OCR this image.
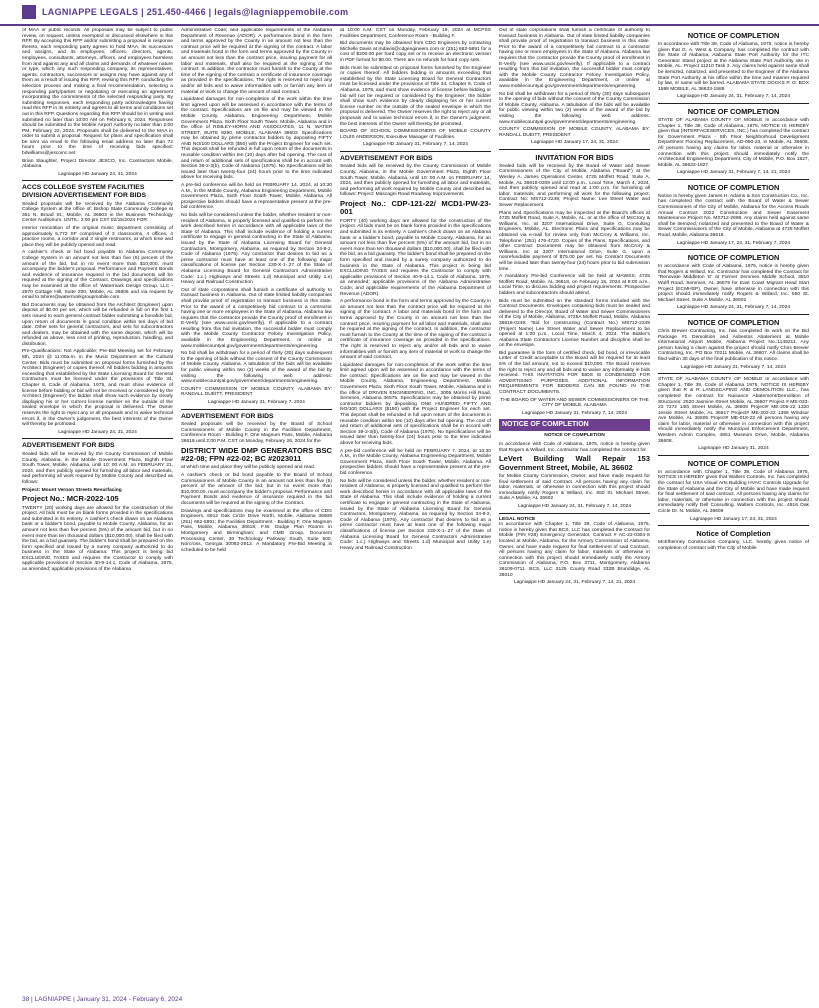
LAGNIAPPE LEGALS | 251.450-4466 | legals@lagniappemobile.com

of MAA or public records. All proposals may be subject to public review, on request, unless exempted or discussed elsewhere in this RFP. By accepting this RFP and/or submitting a proposal in response thereto, each responding party agrees to hold MAA, its successors and assigns, and its employees, officers, directors, agents, employees, consultants, attorneys, officers, and employees harmless from and against any and all claims and demands of whatever nature or type, which any such responding company, its representatives, agents, contractors, successors or assigns may have against any of them as a result of issuing this RFP, revising this RFP, conducting the selection process and making a final recommendation, selecting a responding party/parties or negotiating or executing an agreement incorporating the commitments of the selected responding party. By submitting responses, each responding party acknowledges having read this RFP in its entirety and agrees to all terms and conditions set out in this RFP. Questions regarding this RFP should be in writing and submitted no later than 10:00 AM on February 6, 2024. Responses should be submitted to the Mobile Airport Authority no later than 2:00 PM, February 22, 2024. Proposals shall be delivered to the MAA in order to submit a proposal. Request for plans and specification shall be sent via email to the following email address no later than 72 hours prior to the time of receiving bids specified: bdwilliams@jescoinc.net

Brian Slaughter, Project Director JESCO, Inc. Contractors Mobile, Alabama

Lagniappe HD January 24, 31, 2024

ACCS COLLEGE SYSTEM FACILITIES DIVISION ADVERTISEMENT FOR BIDS

Sealed proposals will be received by the Alabama Community College System at the office of: Bishop State Community College at 351 N. Broad St., Mobile, AL 36603 in the Business Technology Center Auditorium. UNTIL: 2:00 pm CST 02/15/2024 FOR:

Interior renovation of the original music department consisting of approximately 5,772 SF comprised of 3 classrooms, 4 offices, 4 practice rooms, a corridor and 3 single restrooms, at which time and place they will be publicly opened and read.

A cashier's check or bid bond payable to Alabama Community College System in an amount not less than five (5) percent of the amount of the bid, but in no event more than $10,000, must accompany the bidder's proposal. Performance and Payment Bonds and evidence of insurance required in the bid documents will be required at the signing of the Contract. Drawings and specifications may be examined at the office of: Watermark Design Group, LLC - 2970 Cottage Hill, Suite 200, Mobile, AL 36606 and via request by email to tshirer@watermarkgroupmobile.com.

Bid Documents may be obtained from the Architect (Engineer) upon deposit of $0.00 per set, which will be refunded in full on the first 1 sets issued to each general contract bidder submitting a bonafide bid, upon return of documents in good condition within ten days of bid date. Other sets for general contractors, and sets for subcontractors and dealers, may be obtained with the same deposit, which will be refunded as above, less cost of printing, reproduction, handling, and distribution.

Pre-Qualifications: Not Applicable; Pre-Bid Meeting set for February 8th, 2024 @ 11:00a.m. in the Music Department at the Cultural Center. Bids must be submitted on proposal forms furnished by the Architect (Engineer) or copies thereof. All bidders bidding in amounts exceeding that established by the State Licensing Board for General Contractors must be licensed under the provisions of Title 34, Chapter 8, Code of Alabama, 1975, and must show evidence of license before bidding or bid will not be received or considered by the Architect (Engineer); the bidder shall show such evidence by clearly displaying his or her current license number on the outside of the sealed envelope in which the proposal is delivered. The Owner reserves the right to reject any or all proposals and to waive technical errors if, in the Owner's judgement, the best interests of the Owner will thereby be promoted.

Lagniappe HD January 24, 31, 2024

ADVERTISEMENT FOR BIDS

Sealed bids will be received by the County Commission of Mobile County, Alabama, in the Mobile Government Plaza, Eighth Floor South Tower, Mobile, Alabama, until 10: 00 A.M. on FEBRUARY 21, 2024, and then publicly opened for furnishing all labor and materials, and performing all work required by Mobile County and described as follows:

Project: Mount Vernon Streets Resurfacing

Project No.: MCR-2022-105

TWENTY (20) working days are allowed for the construction of the project. All bids must be on blank forms provided in the specifications and submitted in its entirety. A cashier's check drawn on an Alabama bank or a bidder's bond, payable to Mobile County, Alabama, for an amount not less than five percent (5%) of the amount bid, but in no event more than ten thousand dollars ($10,000.00), shall be filed with the bid, as a bid guaranty. The bidder's bond shall be prepared on the form specified and issued by a surety company authorized to do business in the State of Alabama. This project is being bid EXCLUDING TAXES and requires the Contractor to comply with applicable provisions of Section 40-9-14.1, Code of Alabama, 1975, as amended; applicable provisions of the Alabama

Administrative Code; and applicable requirements of the Alabama Department of Revenue (ADOR). A performance bond in the form and terms approved by the County in an amount not less than the contract price will be required at the signing of the contract. A labor and materials bond in the form and terms approved by the County in an amount not less than the contract price, insuring payment for all labor and materials, shall also be required at the signing of the contract. In addition, the contractor must furnish to the County at the time of the signing of the contract a certificate of insurance coverage as provided in the specifications. The right is reserved to reject any and/or all bids and to waive informalities with or furnish any item of material or work to change the amount of said contract.

Liquidated damages for non-completion of the work within the time limit agreed upon will be assessed in accordance with the terms of the contract. Specifications are on file and may be viewed in the Mobile County, Alabama, Engineering Department, Mobile Government Plaza, Sixth Floor South Tower, Mobile, Alabama and in the office of RIMLEY-HORN AND ASSOCIATES, 11 N. WATER STREET, SUITE 9290, MOBILE, ALABAMA 36602. Specifications may be obtained by prime contractor bidders by depositing FIFTY AND NO/100 DOLLARS ($50) with the Project Engineer for each set. This deposit shall be refunded in full upon return of the documents in reusable condition within ten (10) days after bid opening. The cost of and return of additional sets of specifications shall be in accord with Section 39-2-3(b), Code of Alabama (1975). No Specifications will be issued later than twenty-four (24) hours prior to the time indicated above for receiving bids.

A pre-bid conference will be held on FEBRUARY 14, 2024, at 10:30 A.M., in the Mobile County, Alabama Engineering Department, Mobile Government Plaza, Sixth Floor South Tower, Mobile, Alabama. All prospective bidders should have a representative present at the pre-bid conference.

No bids will be considered unless the bidder, whether resident or non-resident of Alabama, is properly licensed and qualified to perform the work described herein in accordance with all applicable laws of the State of Alabama. This shall include evidence of holding a current certificate to engage in general contracting in the State of Alabama, issued by the State of Alabama Licensing Board for General Contractors, Montgomery, Alabama, as required by Section 34-8-2, Code of Alabama (1975). Any contractor that desires to bid as a prime contractor must have at least one of the following major classifications of license per Section 230-X-1-.27 of the State of Alabama Licensing Board for General Contractors Administrative Code: 1.c.) Highways and Streets 1.d) Municipal and Utility 1.e) Heavy and Railroad Construction

Out of state corporations shall furnish a certificate of authority to transact business in Alabama. Out of state limited liability companies shall provide proof of registration to transact business in this state. Prior to the award of a competitively bid contract to a contractor having one or more employees in the State of Alabama, Alabama law requires that the contractor provide the County proof of enrollment in E-Verify (see www.uscis.gov/everify). If applicable to a contract resulting from this bid invitation, the successful bidder must comply with the Mobile County Contractor Felony Investigation Policy, available in the Engineering Department, or online at www.mobilecountyal.gov/government/departments/engineering.

No bid shall be withdrawn for a period of thirty (30) days subsequent to the opening of bids without the consent of the County Commission of Mobile County, Alabama. A tabulation of the bids will be available for public viewing within two (2) weeks of the award of the bid by visiting the following web address: www.mobilecountyal.gov/government/departments/engineering.

COUNTY COMMISSION OF MOBILE COUNTY, ALABAMA BY: RANDALL DUEITT, PRESIDENT

Lagniappe HD January 31, February 7, 2024

ADVERTISEMENT FOR BIDS

Sealed proposals will be received by the Board of School Commissioners of Mobile County in the Facilities Department, Conference Room - Building F, One Magnum Pass, Mobile, Alabama 36618 until 2:00 P.M. CST on Monday, February 26, 2024 for the

DISTRICT WIDE DMP GENERATORS BSC #22-08; FPN #22-02; BC #2023011

at which time and place they will be publicly opened and read.

A cashier's check or bid bond payable to the Board of School Commissioners of Mobile County in an amount not less than five (5) percent of the amount of the bid, but in no event more than $10,000.00, must accompany the bidder's proposal. Performance and Payment Bonds and evidence of insurance required in the bid documents will be required at the signing of the Contract.

Drawings and specifications may be examined at the office of CDG Engineers, 6912 Oak Circle Drive North, Mobile, Alabama 36609 (251) 662-5891; the Facilities Department - Building F, One Magnum Pass, Mobile, Alabama 36618; F.W. Dodge Plan Rooms in Montgomery and Birmingham; and CMD Group, Document Processing Center, 30 Technology Parkway South, Suite 500, Norcross, Georgia 30092-2912. A Mandatory Pre-Bid Meeting is scheduled to be held

at 10:00 A.M. CST on Monday, February 19, 2024 at MCPSS Facilities Department, Conference Room - Building F.

Bid documents may be obtained from CDG Engineers by contacting Michelle Davis at mdavis@cdgengineers.com or (251) 662-5891 for a cost of $200.00 per hard copy set or to receive an electronic version in PDF format for $0.00. There are no refunds for hard copy sets.

Bids must be submitted on proposal forms furnished by the Engineer or copies thereof. All bidders bidding in amounts exceeding that established by the State Licensing Board for General Contractors must be licensed under the provisions of Title 34, Chapter 8, Code of Alabama, 1975, and must show evidence of license before bidding or bid will not be required or considered by the Engineer; the bidder shall show such evidence by clearly displaying his or her current license number on the outside of the sealed envelope in which the proposal is delivered. The Owner reserves the right to reject any or all proposals and to waive technical errors if, in the Owner's judgment, the best interests of the Owner will thereby be promoted.

BOARD OF SCHOOL COMMISSIONERS OF MOBILE COUNTY LOUIS ANDERSON, Executive Manager of Facilities

Lagniappe HD January 31, February 7, 14, 2024

ADVERTISEMENT FOR BIDS

Sealed bids will be received by the County Commission of Mobile County, Alabama, in the Mobile Government Plaza, Eighth Floor South Tower, Mobile, Alabama, until 10: 00 A.M. on FEBRUARY 14, 2024, and then publicly opened for furnishing all labor and materials, and performing all work required by Mobile County and described as follows: Project: Mascagni Road Roadway Improvements

Project No.: CDP-121-22/ MCD1-PW-23-001

FORTY (40) working days are allowed for the construction of the project. All bids must be on blank forms provided in the specifications and submitted in its entirety. A cashier's check drawn on an Alabama bank or a bidder's bond, payable to Mobile County, Alabama, for an amount not less than five percent (5%) of the amount bid, but in no event more than ten thousand dollars ($10,000.00), shall be filed with the bid, as a bid guaranty. The bidder's bond shall be prepared on the form specified and issued by a surety company authorized to do business in the State of Alabama. This project is being bid EXCLUDING TAXES and requires the Contractor to comply with applicable provisions of Section 40-9-14.1, Code of Alabama, 1975, as amended; applicable provisions of the Alabama Administrative Code; and applicable requirements of the Alabama Department of Revenue (ADOR).

A performance bond in the form and terms approved by the County in an amount not less than the contract price will be required at the signing of the contract. A labor and materials bond in the form and terms approved by the County in an amount not less than the contract price, insuring payment for all labor and materials, shall also be required at the signing of the contract. In addition, the contractor must furnish to the County at the time of the signing of the contract a certificate of insurance coverage as provided in the specifications. The right is reserved to reject any and/or all bids and to waive informalities with or furnish any item of material or work to change the amount of said contract.

Liquidated damages for non-completion of the work within the time limit agreed upon will be assessed in accordance with the terms of the contract. Specifications are on file and may be viewed in the Mobile County, Alabama, Engineering Department, Mobile Government Plaza, Sixth Floor South Tower, Mobile, Alabama and in the office of DRIVEN ENGINEERING, INC., 3005 Morris Hill Road, Semmes, Alabama 36575. Specifications may be obtained by prime contractor bidders by depositing ONE HUNDRED FIFTY AND NO/100 DOLLARS ($150) with the Project Engineer for each set. This deposit shall be refunded in full upon return of the documents in reusable condition within ten (10) days after bid opening. The cost of and return of additional sets of specifications shall be in accord with Section 39-2-3(b), Code of Alabama (1975). No Specifications will be issued later than twenty-four (24) hours prior to the time indicated above for receiving bids.

A pre-bid conference will be held on FEBRUARY 7, 2024, at 10:30 A.M., in the Mobile County, Alabama Engineering Department, Mobile Government Plaza, Sixth Floor South Tower, Mobile, Alabama. All prospective bidders should have a representative present at the pre-bid conference.

No bids will be considered unless the bidder, whether resident or non-resident of Alabama, is properly licensed and qualified to perform the work described herein in accordance with all applicable laws of the State of Alabama. This shall include evidence of holding a current certificate to engage in general contracting in the State of Alabama, issued by the State of Alabama Licensing Board for General Contractors, Montgomery, Alabama, as required by Section 34-8-2, Code of Alabama (1975). Any contractor that desires to bid as a prime contractor must have at least one of the following major classifications of license per Section 230-X-1-.27 of the State of Alabama Licensing Board for General Contractors Administrative Code: 1.c.) Highways and Streets 1.d) Municipal and Utility 1.e) Heavy and Railroad Construction

Out of state corporations shall furnish a certificate of authority to transact business in Alabama. Out of state limited liability companies shall provide proof of registration to transact business in this state. Prior to the award of a competitively bid contract to a contractor having one or more employees in the State of Alabama, Alabama law requires that the contractor provide the County proof of enrollment in E-Verify (see www.uscis.gov/everify). If applicable to a contract resulting from this bid invitation, the successful bidder must comply with the Mobile County Contractor Felony Investigation Policy, available in the Engineering Department, or online at www.mobilecountyal.gov/government/departments/engineering.

No bid shall be withdrawn for a period of thirty (30) days subsequent to the opening of bids without the consent of the County Commission of Mobile County, Alabama. A tabulation of the bids will be available for public viewing within two (2) weeks of the award of the bid by visiting the following web address: www.mobilecountyal.gov/government/departments/engineering.

COUNTY COMMISSION OF MOBILE COUNTY, ALABAMA BY: RANDALL DUEITT, PRESIDENT

Lagniappe HD January 17, 24, 31, 2024

INVITATION FOR BIDS

Sealed bids will be received by the Board of Water and Sewer Commissioners of the City of Mobile, Alabama ("Board") at the Wesley A. James Operations Center, 4725 Moffett Road, Suite A, Mobile, AL 36618-0209 until 12:00 p.m., Local Time, March 4, 2024, and then publicly opened and read at 1:00 p.m. for furnishing all labor, materials, and performing all work for the following project: Contract No: MS712-2249, Project Name: Lee Street Water and Sewer Replacement.

Plans and Specifications may be inspected at the Board's offices at 4725 Moffett Road, Suite A, Mobile, AL, or at the office of McCrory & Williams, Inc. at 3207 International Drive, Suite G, Consulting Engineers, Mobile, AL. Electronic Plans and Specifications may be obtained via e-mail for review only from McCrory & Williams, Inc. Telephone: (251) 476-4720. Copies of the Plans, Specifications, and other Contract Documents may be obtained from McCrory & Williams, Inc at 3207 International Drive, Suite G, upon a nonrefundable payment of $75.00 per set. No Contract Documents will be issued later than twenty-four (24) hours prior to bid submission time.

A mandatory Pre-bid Conference will be held at MAWSS, 4725 Moffett Road, Mobile, AL 36618, on February 15, 2024 at 9:00 a.m., Local Time, to discuss bidding and project requirements. Prospective bidders and subcontractors should attend.

Bids must be submitted on the standard forms included with the Contract Documents. Envelopes containing bids must be sealed and delivered to the Director, Board of Water and Sewer Commissioners of the City of Mobile, Alabama, 4725A Moffett Road, Mobile, Alabama 36618-0249: "Bid for constructing (Contract No.) MS712-2249 (Project Name) Lee Street Water and Sewer Replacement to be opened at 1:00 p.m., Local Time, March 4, 2024. The Bidder's Alabama State Contractor's License Number and discipline shall be on the envelope.

Bid guarantee in the form of certified check, bid bond, or irrevocable Letter of Credit acceptable to the Board will be required for at least 5% of the bid amount, not to exceed $10,000. The Board reserves the right to reject any and all bids and to waive any informality in bids received. THIS INVITATION FOR BIDS IS CONDENSED FOR ADVERTISING PURPOSES. ADDITIONAL INFORMATION REQUIREMENTS FOR BIDDERS CAN BE FOUND IN THE CONTRACT DOCUMENTS.

THE BOARD OF WATER AND SEWER COMMISSIONERS OF THE CITY OF MOBILE, ALABAMA

Lagniappe HD January 31, February 7, 14, 2024

NOTICE OF COMPLETION
NOTICE OF COMPLETION

In accordance with Code of Alabama, 1975, notice is hereby given that Rogers & Willard, Inc. contractor has completed the contract for

LeVert Building Wall Repair 153 Government Street, Mobile, AL 36602

for Mobile County Commission, Owner, and have made request for final settlement of said Contract. All persons having any claim for labor, materials, or otherwise in connection with this project should immediately notify Rogers & Willard, Inc. 550 St. Michael Street, Suite A Mobile, AL 36602

Lagniappe HD January 24, 31, February 7, 14, 2024

LEGAL NOTICE

In accordance with Chapter 1, Title 39, Code of Alabama, 1975, notice is hereby given that BCS, LLC has completed the Contract for Mobile (PIN #28) Emergency Generator, Contract # AC-22-0304-S located at Mobile, Alabama, for the Armory Commission of Alabama, Owner, and have made request for final settlement of said Contract. All persons having any claim for labor, materials or otherwise in connection with this project should immediately notify the Armory Commission of Alabama, P.O. Box 3711, Montgomery, Alabama 36109-0711. BCS, LLC 3125 County Road 332B Brundidge, AL 36010

Lagniappe HD January 24, 31, February 7, 14, 21, 2024

NOTICE OF COMPLETION

In accordance with Title 39, Code of Alabama, 1975, notice is hereby given that G. A. West & Company, has completed the contract with the State of Alabama, Alabama State Port Authority for the ITC Generator Stand project at the Alabama State Port Authority site in Mobile, AL. Project 11210 Task 3. Any claims held against same shall be itemized, notarized, and presented to the Engineer of the Alabama State Port Authority at his office within the time and manner required by law, or same will be barred. ALABAMA STATE DOCKS P. O. BOX 1588 MOBILE, AL 36633-1588

Lagniappe HD January 24, 31, February 7, 14, 2024

NOTICE OF COMPLETION

STATE OF ALABAMA COUNTY OF MOBILE In accordance with Chapter 1, Title 39, Code of Alabama, 1975, NOTICE IS HEREBY given that (INTERFACESERVICES, INC.) has completed the contract for Government Plaza - 5th Floor Neighborhood Development Department Flooring Replacement, AD-090-23, in Mobile, AL 36606. All persons having any claims for labor, material or otherwise in connection with this project should immediately notify the Architectural Engineering Department, City of Mobile, P.O. Box 1827, Mobile, AL 36633-1827.

Lagniappe HD January 31, February 7, 14, 21, 2024

NOTICE OF COMPLETION

Notice is hereby given James H. Adams & Son Construction Co., Inc. has completed the contract with the Board of Water & Sewer Commissioners of the City of Mobile, Alabama for the Access Roads Annual Contract 2022 Construction and Sewer Easement Maintenance Project No. MS712-2698. Any claims held against same shall be itemized, notarized and presented to the Board of Water & Sewer Commissioners of the City of Mobile, Alabama at 4725 Moffett Road, Mobile, Alabama 36618.

Lagniappe HD January 17, 24, 31, February 7, 2024

NOTICE OF COMPLETION

In accordance with Code of Alabama, 1975, notice is hereby given that Rogers & Willard, Inc. Contractor has completed the Contract for "Renovate Middleton 'E' at Former Semmes Middle School, 3810 Wulff Road, Semmes, AL 36575 for East Coast Migrant Head Start Project (ECMHSP), Owner, have otherwise in connection with this project should immediately notify Rogers & Willard, Inc. 550 St. Michael Street, Suite A Mobile, AL 36602

Lagniappe HD January 24, 31, February 7, 14, 2024

NOTICE OF COMPLETION

Chris Brewer Contracting, Inc. has completed its work on the Bid Package #1 Demolition and Asbestos Abatement at Mobile International Airport Mobile, Alabama Project No.:1149211. Any person having a claim against the project should notify Chris Brewer Contracting, Inc. PO Box 70211 Mobile, AL 36607. All claims shall be filed within 30 days of the final publication of this notice.

Lagniappe HD January 31, February 7, 14, 2024

STATE OF ALABAMA COUNTY OF MOBILE In accordance with Chapter 1, Title 39, Code of Alabama 1975, NOTICE IS HEREBY given that R & R LANDSCAPING AND DEMOLITION LLC., has completed the contract for Nuisance Abatement/Demolition of Structures: 2520 Jasmine Street Mobile, AL 36607 Project # ME-033-23 7272 14th Street Mobile, AL 36608 Project# ME-205-22 1320 Jessie Street Mobile, AL 36617 Project# ME-202-22 1355 Windsor Ave Mobile, AL 36605 Project# ME-018-23 All persons having any claim for labor, material or otherwise in connection with this project should immediately notify the Municipal Enforcement Department, Western Admin Complex, 4851 Museum Drive, Mobile, Alabama 36608.

Lagniappe HD January 31, 2024

NOTICE OF COMPLETION

In accordance with Chapter 1, Title 39, Code of Alabama 1975, NOTICE IS HEREBY given that Walters Controls, Inc. has completed the contract for USA Visual Arts Building HVAC Controls Upgrade for the State of Alabama and the City of Mobile and have made request for final settlement of said contract. All persons having any claims for labor, materials, or otherwise in connection with this project should immediately notify Dell Consulting. Walters Controls, Inc. 4916 Oak Circle Dr. N. Mobile, AL 36609

Lagniappe HD January 17, 24, 31, 2024

Notice of Completion

McElhenney Construction Company, LLC. hereby gives notice of completion of contract with The City of Mobile

38 | LAGNIAPPE | January 31, 2024 - February 6, 2024
